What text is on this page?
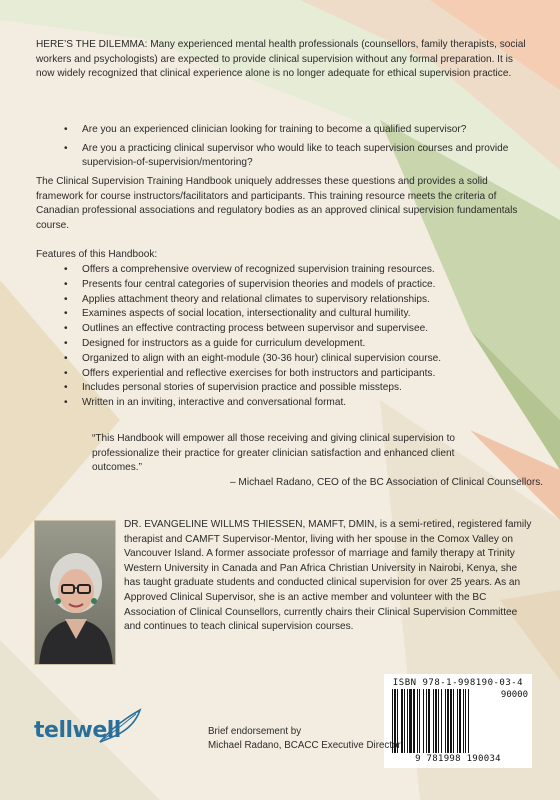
HERE’S THE DILEMMA: Many experienced mental health professionals (counsellors, family therapists, social workers and psychologists) are expected to provide clinical supervision without any formal preparation. It is now widely recognized that clinical experience alone is no longer adequate for ethical supervision practice.
• Are you an experienced clinician looking for training to become a qualified supervisor?
• Are you a practicing clinical supervisor who would like to teach supervision courses and provide supervision-of-supervision/mentoring?
The Clinical Supervision Training Handbook uniquely addresses these questions and provides a solid framework for course instructors/facilitators and participants. This training resource meets the criteria of Canadian professional associations and regulatory bodies as an approved clinical supervision fundamentals course.
Features of this Handbook:
• Offers a comprehensive overview of recognized supervision training resources.
• Presents four central categories of supervision theories and models of practice.
• Applies attachment theory and relational climates to supervisory relationships.
• Examines aspects of social location, intersectionality and cultural humility.
• Outlines an effective contracting process between supervisor and supervisee.
• Designed for instructors as a guide for curriculum development.
• Organized to align with an eight-module (30-36 hour) clinical supervision course.
• Offers experiential and reflective exercises for both instructors and participants.
• Includes personal stories of supervision practice and possible missteps.
• Written in an inviting, interactive and conversational format.
“This Handbook will empower all those receiving and giving clinical supervision to professionalize their practice for greater clinician satisfaction and enhanced client outcomes.”
– Michael Radano, CEO of the BC Association of Clinical Counsellors.
DR. EVANGELINE WILLMS THIESSEN, MAMFT, DMIN, is a semi-retired, registered family therapist and CAMFT Supervisor-Mentor, living with her spouse in the Comox Valley on Vancouver Island. A former associate professor of marriage and family therapy at Trinity Western University in Canada and Pan Africa Christian University in Nairobi, Kenya, she has taught graduate students and conducted clinical supervision for over 25 years. As an Approved Clinical Supervisor, she is an active member and volunteer with the BC Association of Clinical Counsellors, currently chairs their Clinical Supervision Committee and continues to teach clinical supervision courses.
ISBN 978-1-998190-03-4
90000
9 781998 190034
tellwell	Brief endorsement by
Michael Radano, BCACC Executive Director
